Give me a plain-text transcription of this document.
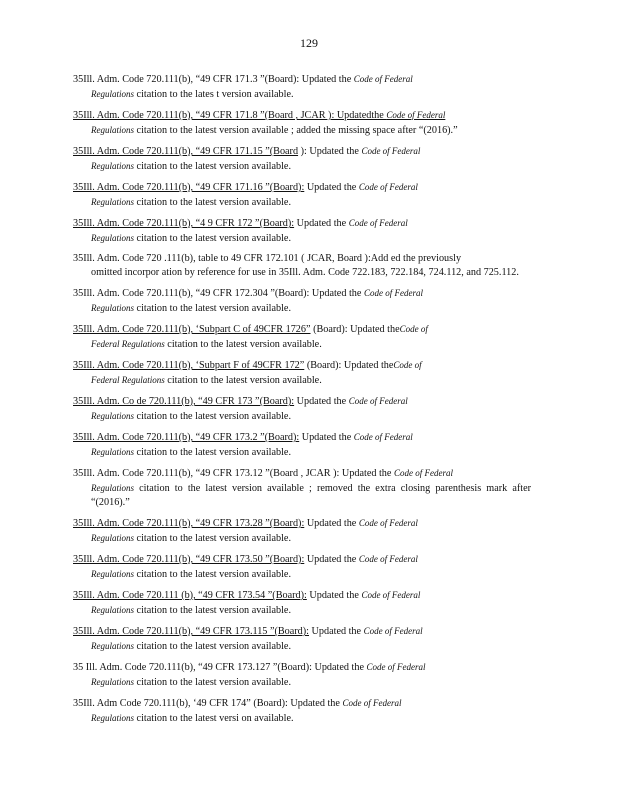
129
35Ill. Adm. Code 720.111(b), “49 CFR 171.3 ”(Board): Updated the Code of Federal
Regulations citation to the lates t version available.
35Ill. Adm. Code 720.111(b), “49 CFR 171.8 ”(Board , JCAR ): Updatedthe Code of Federal
Regulations citation to the latest version available ; added the missing space after “(2016).”
35Ill. Adm. Code 720.111(b), “49 CFR 171.15 ”(Board ): Updated the Code of Federal
Regulations citation to the latest version available.
35Ill. Adm. Code 720.111(b), “49 CFR 171.16 ”(Board): Updated the Code of Federal
Regulations citation to the latest version available.
35Ill. Adm. Code 720.111(b), “4 9 CFR 172 ”(Board): Updated the Code of Federal
Regulations citation to the latest version available.
35Ill. Adm. Code 720 .111(b), table to 49 CFR 172.101 ( JCAR, Board ):Add ed the previously
omitted incorpor ation by reference for use in 35Ill. Adm. Code 722.183, 722.184, 724.112, and 725.112.
35Ill. Adm. Code 720.111(b), “49 CFR 172.304 ”(Board): Updated the Code of Federal
Regulations citation to the latest version available.
35Ill. Adm. Code 720.111(b), ‘Subpart C of 49CFR 1726” (Board): Updated theCode of
Federal Regulations citation to the latest version available.
35Ill. Adm. Code 720.111(b), ‘Subpart F of 49CFR 172” (Board): Updated theCode of
Federal Regulations citation to the latest version available.
35Ill. Adm. Co de 720.111(b), “49 CFR 173 ”(Board): Updated the Code of Federal
Regulations citation to the latest version available.
35Ill. Adm. Code 720.111(b), “49 CFR 173.2 ”(Board): Updated the Code of Federal
Regulations citation to the latest version available.
35Ill. Adm. Code 720.111(b), “49 CFR 173.12 ”(Board , JCAR ): Updated the Code of Federal
Regulations citation to the latest version available ; removed the extra closing parenthesis mark after “(2016).”
35Ill. Adm. Code 720.111(b), “49 CFR 173.28 ”(Board): Updated the Code of Federal
Regulations citation to the latest version available.
35Ill. Adm. Code 720.111(b), “49 CFR 173.50 ”(Board): Updated the Code of Federal
Regulations citation to the latest version available.
35Ill. Adm. Code 720.111 (b), “49 CFR 173.54 ”(Board): Updated the Code of Federal
Regulations citation to the latest version available.
35Ill. Adm. Code 720.111(b), “49 CFR 173.115 ”(Board): Updated the Code of Federal
Regulations citation to the latest version available.
35 Ill. Adm. Code 720.111(b), “49 CFR 173.127 ”(Board): Updated the Code of Federal
Regulations citation to the latest version available.
35Ill. Adm Code 720.111(b), ‘49 CFR 174” (Board): Updated the Code of Federal
Regulations citation to the latest versi on available.
